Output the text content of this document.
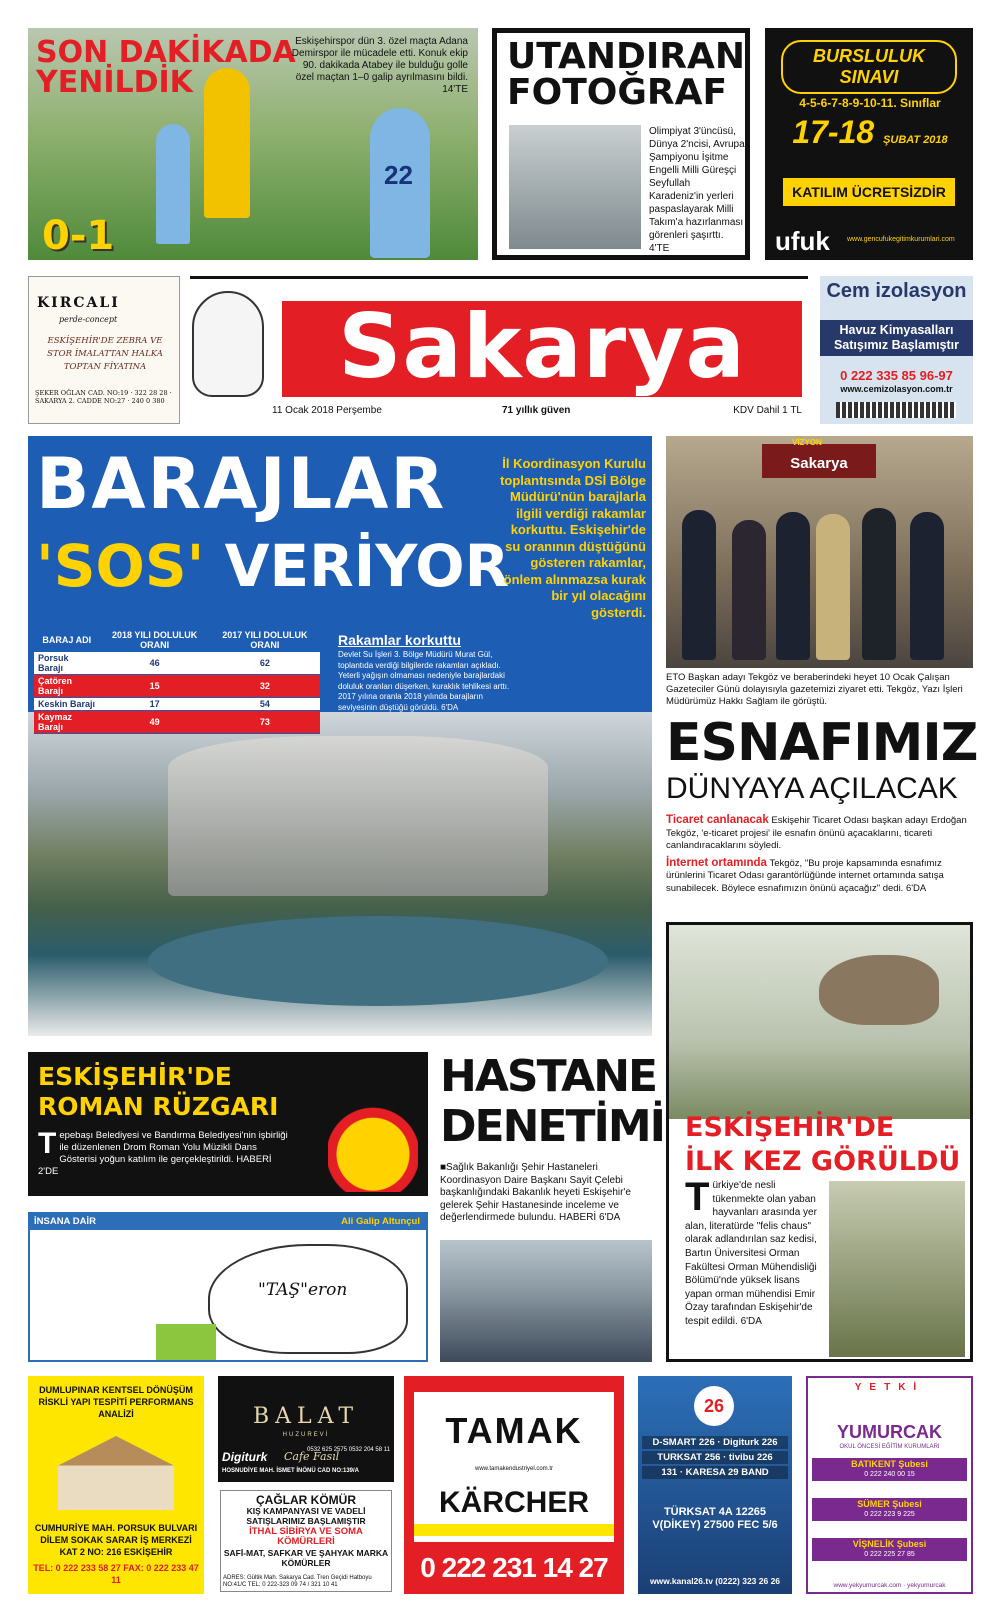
22
SON DAKİKADA
YENİLDİK
Eskişehirspor dün 3. özel maçta Adana Demirspor ile mücadele etti. Konuk ekip 90. dakikada Atabey ile bulduğu golle özel maçtan 1–0 galip ayrılmasını bildi. 14'TE
0-1
UTANDIRAN
FOTOĞRAF
Olimpiyat 3'üncüsü, Dünya 2'ncisi, Avrupa Şampiyonu İşitme Engelli Milli Güreşçi Seyfullah Karadeniz'in yerleri paspaslayarak Milli Takım'a hazırlanması görenleri şaşırttı. 4'TE
BURSLULUK SINAVI
4-5-6-7-8-9-10-11. Sınıflar
17-18 ŞUBAT 2018
KATILIM ÜCRETSİZDİR
ufuk www.gencufukegitimkurumlari.com
KIRCALI
perde-concept
ESKİŞEHİR'DE ZEBRA VE STOR İMALATTAN HALKA TOPTAN FİYATINA
ŞEKER OĞLAN CAD. NO:19 · 322 28 28 · SAKARYA 2. CADDE NO:27 · 240 0 380
Sakarya
11 Ocak 2018 Perşembe	71 yıllık güven	KDV Dahil 1 TL
Cem izolasyon
Havuz Kimyasalları Satışımız Başlamıştır
0 222 335 85 96-97
www.cemizolasyon.com.tr
BARAJLAR
'SOS' VERİYOR
İl Koordinasyon Kurulu toplantısında DSİ Bölge Müdürü'nün barajlarla ilgili verdiği rakamlar korkuttu. Eskişehir'de su oranının düştüğünü gösteren rakamlar, önlem alınmazsa kurak bir yıl olacağını gösterdi.
BARAJ ADI	2018 YILI DOLULUK ORANI	2017 YILI DOLULUK ORANI
Porsuk Barajı	46	62
Çatören Barajı	15	32
Keskin Barajı	17	54
Kaymaz Barajı	49	73
Rakamlar korkuttu
Devlet Su İşleri 3. Bölge Müdürü Murat Gül, toplantıda verdiği bilgilerde rakamları açıkladı. Yeterli yağışın olmaması nedeniyle barajlardaki doluluk oranları düşerken, kuraklık tehlikesi arttı. 2017 yılına oranla 2018 yılında barajların seviyesinin düştüğü görüldü. 6'DA
VİZYON
Sakarya
ETO Başkan adayı Tekgöz ve beraberindeki heyet 10 Ocak Çalışan Gazeteciler Günü dolayısıyla gazetemizi ziyaret etti. Tekgöz, Yazı İşleri Müdürümüz Hakkı Sağlam ile görüştü.
ESNAFIMIZ
DÜNYAYA AÇILACAK

Ticaret canlanacak Eskişehir Ticaret Odası başkan adayı Erdoğan Tekgöz, 'e-ticaret projesi' ile esnafın önünü açacaklarını, ticareti canlandıracaklarını söyledi.

İnternet ortamında Tekgöz, "Bu proje kapsamında esnafımız ürünlerini Ticaret Odası garantörlüğünde internet ortamında satışa sunabilecek. Böylece esnafımızın önünü açacağız" dedi. 6'DA

ESKİŞEHİR'DE
İLK KEZ GÖRÜLDÜ
Türkiye'de nesli tükenmekte olan yaban hayvanları arasında yer alan, literatürde "felis chaus" olarak adlandırılan saz kedisi, Bartın Üniversitesi Orman Fakültesi Orman Mühendisliği Bölümü'nde yüksek lisans yapan orman mühendisi Emir Özay tarafından Eskişehir'de tespit edildi. 6'DA
ESKİŞEHİR'DE
ROMAN RÜZGARI
Tepebaşı Belediyesi ve Bandırma Belediyesi'nin işbirliği ile düzenlenen Drom Roman Yolu Müzikli Dans Gösterisi yoğun katılım ile gerçekleştirildi. HABERİ 2'DE
HASTANE
DENETİMİ
■Sağlık Bakanlığı Şehir Hastaneleri Koordinasyon Daire Başkanı Sayit Çelebi başkanlığındaki Bakanlık heyeti Eskişehir'e gelerek Şehir Hastanesinde inceleme ve değerlendirmede bulundu. HABERİ 6'DA
İNSANA DAİR	Ali Galip Altunçul
"TAŞ"eron
DUMLUPINAR KENTSEL DÖNÜŞÜM RİSKLİ YAPI TESPİTİ PERFORMANS ANALİZİ
CUMHURİYE MAH. PORSUK BULVARI DİLEM SOKAK SARAR İŞ MERKEZİ KAT 2 NO: 216 ESKİŞEHİR
TEL: 0 222 233 58 27 FAX: 0 222 233 47 11
BALAT
HUZUREVİ
Digiturk Cafe Fasıl
0532 625 2575 0532 204 58 11
HOSNUDİYE MAH. İSMET İNÖNÜ CAD NO:139/A
ÇAĞLAR KÖMÜR
KIŞ KAMPANYASI VE VADELİ SATIŞLARIMIZ BAŞLAMIŞTIR
İTHAL SİBİRYA VE SOMA KÖMÜRLERİ
SAFİ-MAT, SAFKAR VE ŞAHYAK MARKA KÖMÜRLER
ADRES: Gültik Mah. Sakarya Cad. Tren Geçidi Hatboyu NO:41/C TEL: 0 222-323 09 74 / 321 10 41
TAMAK
www.tamakendustriyel.com.tr
KÄRCHER
0 222 231 14 27
26
D-SMART 226 · Digiturk 226
TURKSAT 256 · tivibu 226
131 · KARESA 29 BAND
TÜRKSAT 4A 12265 V(DİKEY) 27500 FEC 5/6
www.kanal26.tv (0222) 323 26 26
YETKİ
YUMURCAK
OKUL ÖNCESİ EĞİTİM KURUMLARI
BATIKENT Şubesi
0 222 240 00 15
SÜMER Şubesi
0 222 223 9 225
VİŞNELİK Şubesi
0 222 225 27 85
www.yekyumurcak.com · yekyumurcak
